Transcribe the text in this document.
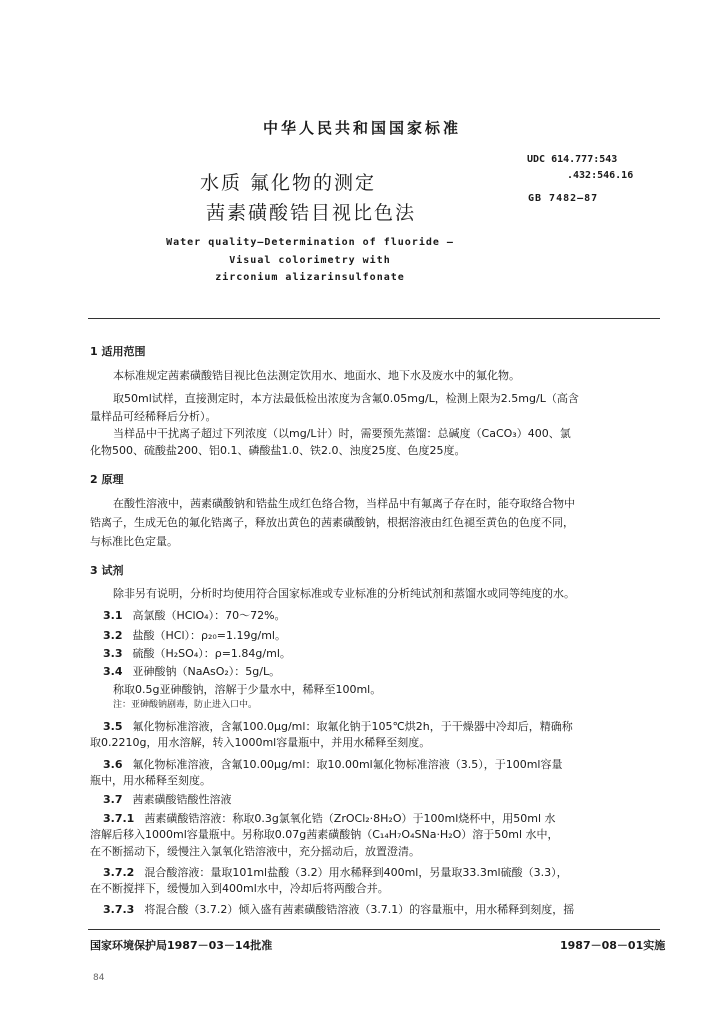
中华人民共和国国家标准
水质 氟化物的测定
茜素磺酸锆目视比色法
UDC 614.777:543
.432:546.16
GB 7482—87
Water quality—Determination of fluoride —
Visual colorimetry with
zirconium alizarinsulfonate
1 适用范围
本标准规定茜素磺酸锆目视比色法测定饮用水、地面水、地下水及废水中的氟化物。
取50ml试样，直接测定时，本方法最低检出浓度为含氟0.05mg/L，检测上限为2.5mg/L（高含
量样品可经稀释后分析）。
当样品中干扰离子超过下列浓度（以mg/L计）时，需要预先蒸馏：总碱度（CaCO₃）400、氯
化物500、硫酸盐200、铝0.1、磷酸盐1.0、铁2.0、浊度25度、色度25度。
2 原理
在酸性溶液中，茜素磺酸钠和锆盐生成红色络合物，当样品中有氟离子存在时，能夺取络合物中
锆离子，生成无色的氟化锆离子，释放出黄色的茜素磺酸钠，根据溶液由红色褪至黄色的色度不同，
与标准比色定量。
3 试剂
除非另有说明，分析时均使用符合国家标准或专业标准的分析纯试剂和蒸馏水或同等纯度的水。
3.1 高氯酸（HClO₄）：70～72%。
3.2 盐酸（HCl）：ρ₂₀=1.19g/ml。
3.3 硫酸（H₂SO₄）：ρ=1.84g/ml。
3.4 亚砷酸钠（NaAsO₂）：5g/L。
称取0.5g亚砷酸钠，溶解于少量水中，稀释至100ml。
注：亚砷酸钠剧毒，防止进入口中。
3.5 氟化物标准溶液，含氟100.0μg/ml：取氟化钠于105℃烘2h，于干燥器中冷却后，精确称
取0.2210g，用水溶解，转入1000ml容量瓶中，并用水稀释至刻度。
3.6 氟化物标准溶液，含氟10.00μg/ml：取10.00ml氟化物标准溶液（3.5），于100ml容量
瓶中，用水稀释至刻度。
3.7 茜素磺酸锆酸性溶液
3.7.1 茜素磺酸锆溶液：称取0.3g氯氧化锆（ZrOCl₂·8H₂O）于100ml烧杯中，用50ml 水
溶解后移入1000ml容量瓶中。另称取0.07g茜素磺酸钠（C₁₄H₇O₄SNa·H₂O）溶于50ml 水中，
在不断摇动下，缓慢注入氯氧化锆溶液中，充分摇动后，放置澄清。
3.7.2 混合酸溶液：量取101ml盐酸（3.2）用水稀释到400ml，另量取33.3ml硫酸（3.3），
在不断搅拌下，缓慢加入到400ml水中，冷却后将两酸合并。
3.7.3 将混合酸（3.7.2）倾入盛有茜素磺酸锆溶液（3.7.1）的容量瓶中，用水稀释到刻度，摇
国家环境保护局1987－03－14批准	1987－08－01实施
84
